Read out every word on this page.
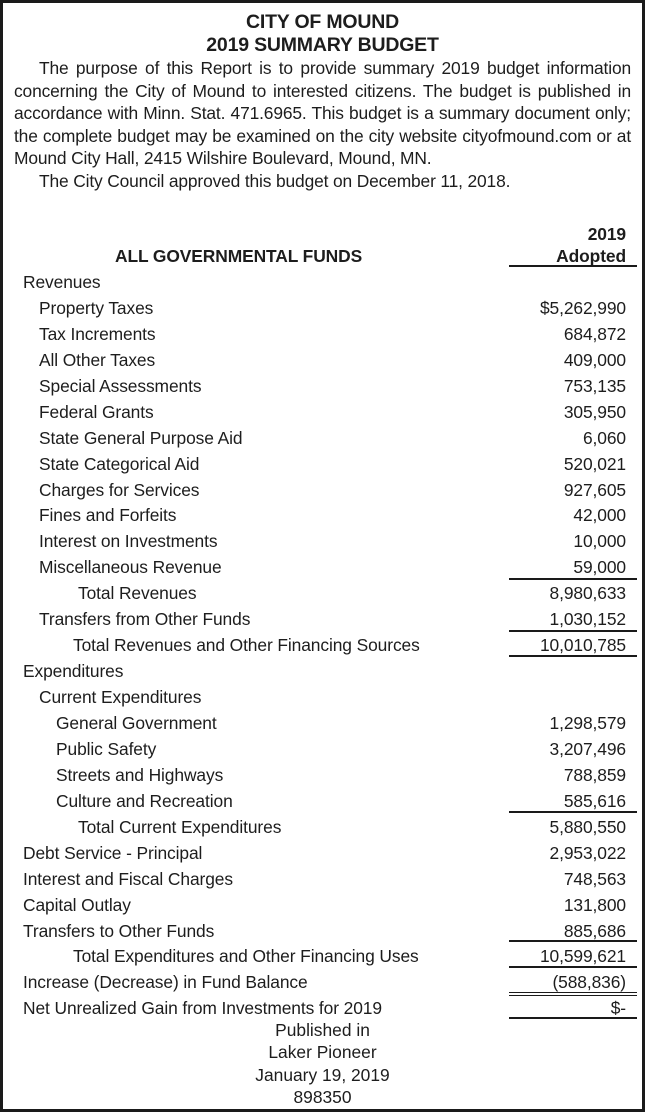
CITY OF MOUND
2019 SUMMARY BUDGET

The purpose of this Report is to provide summary 2019 budget information concerning the City of Mound to interested citizens. The budget is published in accordance with Minn. Stat. 471.6965. This budget is a summary document only; the complete budget may be examined on the city website cityofmound.com or at Mound City Hall, 2415 Wilshire Boulevard, Mound, MN.

The City Council approved this budget on December 11, 2018.

2019
ALL GOVERNMENTAL FUNDS	Adopted
Revenues
Property Taxes	$5,262,990
Tax Increments	684,872
All Other Taxes	409,000
Special Assessments	753,135
Federal Grants	305,950
State General Purpose Aid	6,060
State Categorical Aid	520,021
Charges for Services	927,605
Fines and Forfeits	42,000
Interest on Investments	10,000
Miscellaneous Revenue	59,000
Total Revenues	8,980,633
Transfers from Other Funds	1,030,152
Total Revenues and Other Financing Sources	10,010,785
Expenditures
Current Expenditures
General Government	1,298,579
Public Safety	3,207,496
Streets and Highways	788,859
Culture and Recreation	585,616
Total Current Expenditures	5,880,550
Debt Service - Principal	2,953,022
Interest and Fiscal Charges	748,563
Capital Outlay	131,800
Transfers to Other Funds	885,686
Total Expenditures and Other Financing Uses	10,599,621
Increase (Decrease) in Fund Balance	(588,836)
Net Unrealized Gain from Investments for 2019	$-
Published in
Laker Pioneer
January 19, 2019
898350
